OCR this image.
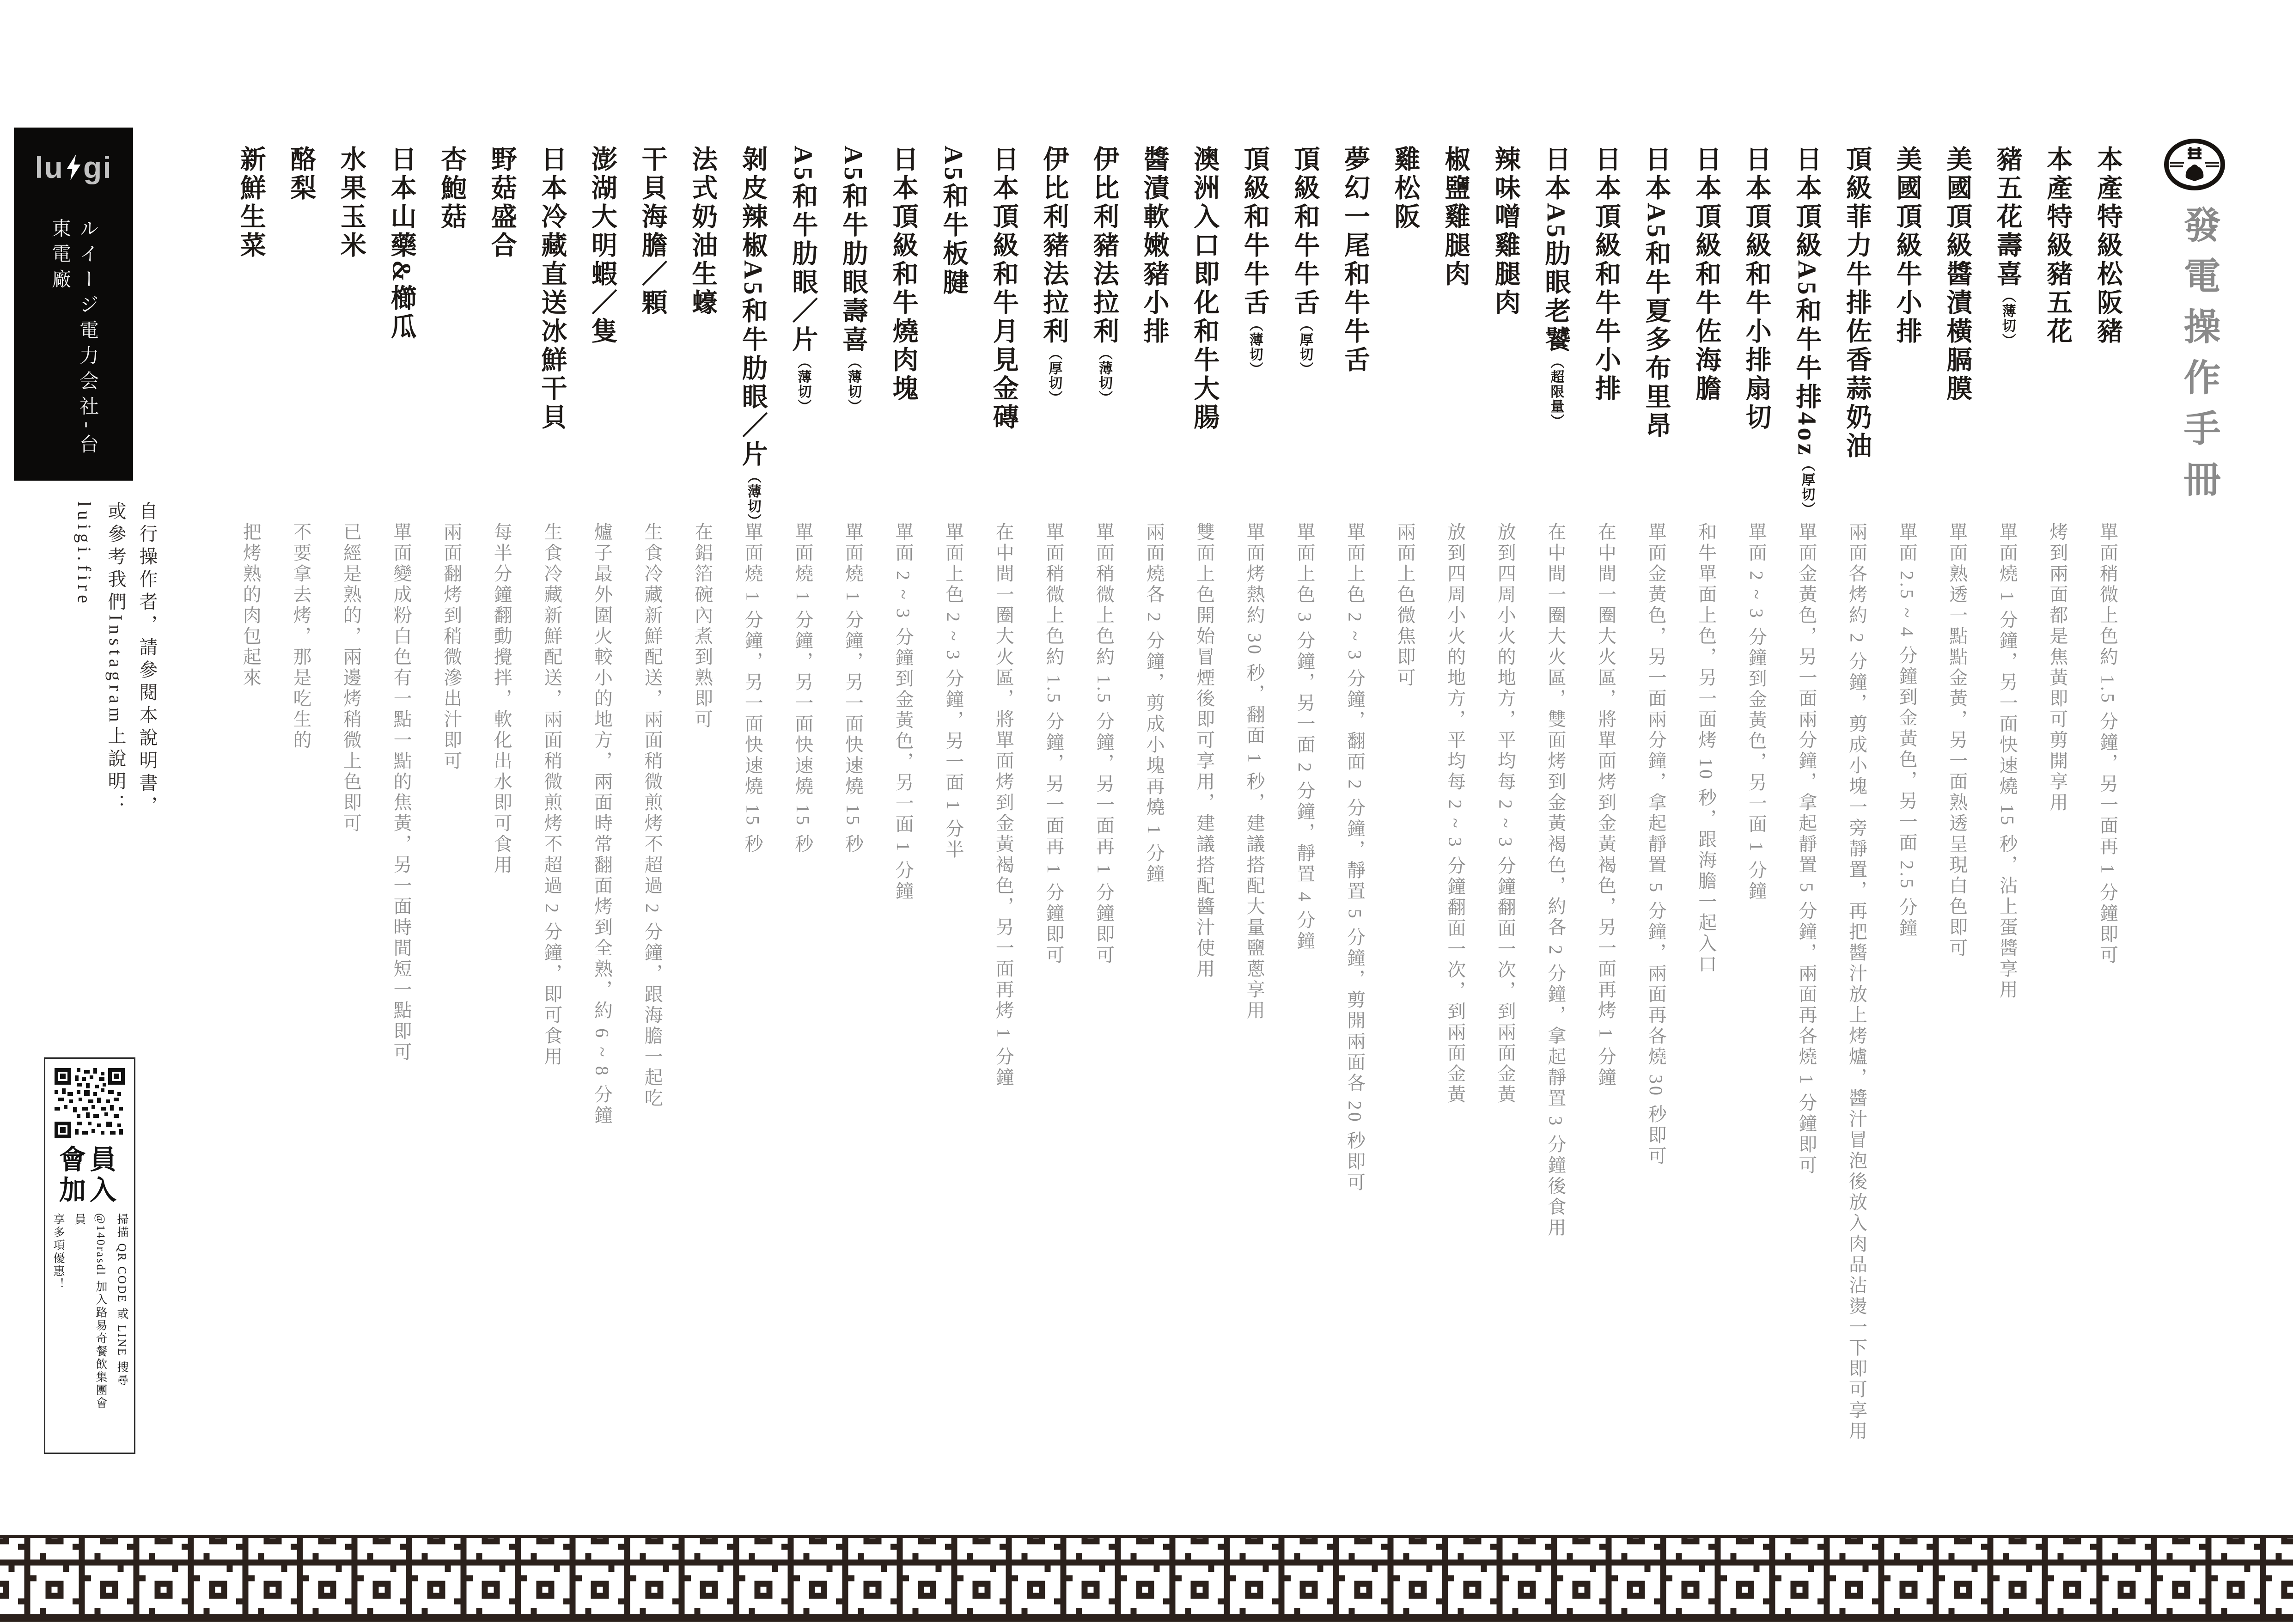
發電操作手冊
本產特級松阪豬
單面稍微上色約 1.5 分鐘，另一面再 1 分鐘即可
本產特級豬五花
烤到兩面都是焦黃即可剪開享用
豬五花壽喜（薄切）
單面燒 1 分鐘，另一面快速燒 15 秒，沾上蛋醬享用
美國頂級醬漬橫膈膜
單面熟透一點點金黃，另一面熟透呈現白色即可
美國頂級牛小排
單面 2.5 ~ 4 分鐘到金黃色，另一面 2.5 分鐘
頂級菲力牛排佐香蒜奶油
兩面各烤約 2 分鐘，剪成小塊一旁靜置，再把醬汁放上烤爐，醬汁冒泡後放入肉品沾燙一下即可享用
日本頂級A5和牛牛排4oz（厚切）
單面金黃色，另一面兩分鐘，拿起靜置 5 分鐘，兩面再各燒 1 分鐘即可
日本頂級和牛小排扇切
單面 2 ~ 3 分鐘到金黃色，另一面 1 分鐘
日本頂級和牛佐海膽
和牛單面上色，另一面烤 10 秒，跟海膽一起入口
日本A5和牛夏多布里昂
單面金黃色，另一面兩分鐘，拿起靜置 5 分鐘，兩面再各燒 30 秒即可
日本頂級和牛牛小排
在中間一圈大火區，將單面烤到金黃褐色，另一面再烤 1 分鐘
日本A5肋眼老饕（超限量）
在中間一圈大火區，雙面烤到金黃褐色，約各 2 分鐘，拿起靜置 3 分鐘後食用
辣味噌雞腿肉
放到四周小火的地方，平均每 2 ~ 3 分鐘翻面一次，到兩面金黃
椒鹽雞腿肉
放到四周小火的地方，平均每 2 ~ 3 分鐘翻面一次，到兩面金黃
雞松阪
兩面上色微焦即可
夢幻一尾和牛牛舌
單面上色 2 ~ 3 分鐘，翻面 2 分鐘，靜置 5 分鐘，剪開兩面各 20 秒即可
頂級和牛牛舌（厚切）
單面上色 3 分鐘，另一面 2 分鐘，靜置 4 分鐘
頂級和牛牛舌（薄切）
單面烤熱約 30 秒，翻面 1 秒，建議搭配大量鹽蔥享用
澳洲入口即化和牛大腸
雙面上色開始冒煙後即可享用，建議搭配醬汁使用
醬漬軟嫩豬小排
兩面燒各 2 分鐘，剪成小塊再燒 1 分鐘
伊比利豬法拉利（薄切）
單面稍微上色約 1.5 分鐘，另一面再 1 分鐘即可
伊比利豬法拉利（厚切）
單面稍微上色約 1.5 分鐘，另一面再 1 分鐘即可
日本頂級和牛月見金磚
在中間一圈大火區，將單面烤到金黃褐色，另一面再烤 1 分鐘
A5和牛板腱
單面上色 2 ~ 3 分鐘，另一面 1 分半
日本頂級和牛燒肉塊
單面 2 ~ 3 分鐘到金黃色，另一面 1 分鐘
A5和牛肋眼壽喜（薄切）
單面燒 1 分鐘，另一面快速燒 15 秒
A5和牛肋眼／片（薄切）
單面燒 1 分鐘，另一面快速燒 15 秒
剝皮辣椒A5和牛肋眼／片（薄切）
單面燒 1 分鐘，另一面快速燒 15 秒
法式奶油生蠔
在鋁箔碗內煮到熟即可
干貝海膽／顆
生食冷藏新鮮配送，兩面稍微煎烤不超過 2 分鐘，跟海膽一起吃
澎湖大明蝦／隻
爐子最外圍火較小的地方，兩面時常翻面烤到全熟，約 6 ~ 8 分鐘
日本冷藏直送冰鮮干貝
生食冷藏新鮮配送，兩面稍微煎烤不超過 2 分鐘，即可食用
野菇盛合
每半分鐘翻動攪拌，軟化出水即可食用
杏鮑菇
兩面翻烤到稍微滲出汁即可
日本山藥&櫛瓜
單面變成粉白色有一點一點的焦黃，另一面時間短一點即可
水果玉米
已經是熟的，兩邊烤稍微上色即可
酪梨
不要拿去烤，那是吃生的
新鮮生菜
把烤熟的肉包起來
lu gi
ルイージ電力会社-台東電廠
自行操作者，請參閱本說明書，
或參考我們Instagram上說明：luigi.fire
會員
加入
掃描 QR CODE 或 LINE 搜尋
@140rasdl 加入路易奇餐飲集團會員
享多項優惠！
